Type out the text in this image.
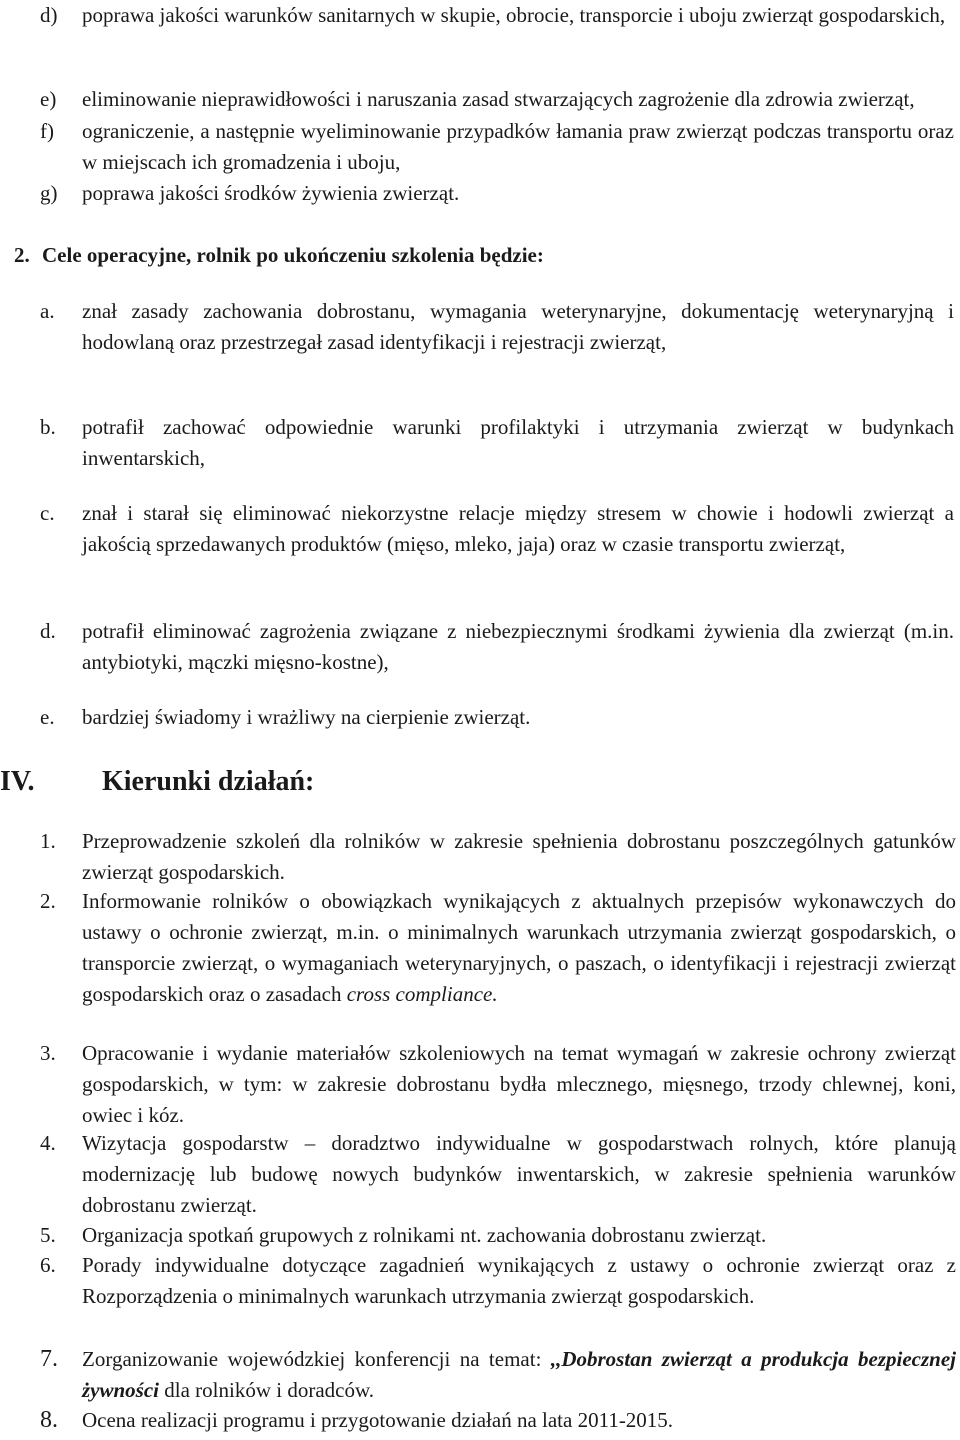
d) poprawa jakości warunków sanitarnych w skupie, obrocie, transporcie i uboju zwierząt gospodarskich,
e) eliminowanie nieprawidłowości i naruszania zasad stwarzających zagrożenie dla zdrowia zwierząt,
f) ograniczenie, a następnie wyeliminowanie przypadków łamania praw zwierząt podczas transportu oraz w miejscach ich gromadzenia i uboju,
g) poprawa jakości środków żywienia zwierząt.
2. Cele operacyjne, rolnik po ukończeniu szkolenia będzie:
a. znał zasady zachowania dobrostanu, wymagania weterynaryjne, dokumentację weterynaryjną i hodowlaną oraz przestrzegał zasad identyfikacji i rejestracji zwierząt,
b. potrafił zachować odpowiednie warunki profilaktyki i utrzymania zwierząt w budynkach inwentarskich,
c. znał i starał się eliminować niekorzystne relacje między stresem w chowie i hodowli zwierząt a jakością sprzedawanych produktów (mięso, mleko, jaja) oraz w czasie transportu zwierząt,
d. potrafił eliminować zagrożenia związane z niebezpiecznymi środkami żywienia dla zwierząt (m.in. antybiotyki, mączki mięsno-kostne),
e. bardziej świadomy i wrażliwy na cierpienie zwierząt.
IV. Kierunki działań:
1. Przeprowadzenie szkoleń dla rolników w zakresie spełnienia dobrostanu poszczególnych gatunków zwierząt gospodarskich.
2. Informowanie rolników o obowiązkach wynikających z aktualnych przepisów wykonawczych do ustawy o ochronie zwierząt, m.in. o minimalnych warunkach utrzymania zwierząt gospodarskich, o transporcie zwierząt, o wymaganiach weterynaryjnych, o paszach, o identyfikacji i rejestracji zwierząt gospodarskich oraz o zasadach cross compliance.
3. Opracowanie i wydanie materiałów szkoleniowych na temat wymagań w zakresie ochrony zwierząt gospodarskich, w tym: w zakresie dobrostanu bydła mlecznego, mięsnego, trzody chlewnej, koni, owiec i kóz.
4. Wizytacja gospodarstw – doradztwo indywidualne w gospodarstwach rolnych, które planują modernizację lub budowę nowych budynków inwentarskich, w zakresie spełnienia warunków dobrostanu zwierząt.
5. Organizacja spotkań grupowych z rolnikami nt. zachowania dobrostanu zwierząt.
6. Porady indywidualne dotyczące zagadnień wynikających z ustawy o ochronie zwierząt oraz z Rozporządzenia o minimalnych warunkach utrzymania zwierząt gospodarskich.
7. Zorganizowanie wojewódzkiej konferencji na temat: ,,Dobrostan zwierząt a produkcja bezpiecznej żywności dla rolników i doradców.
8. Ocena realizacji programu i przygotowanie działań na lata 2011-2015.
